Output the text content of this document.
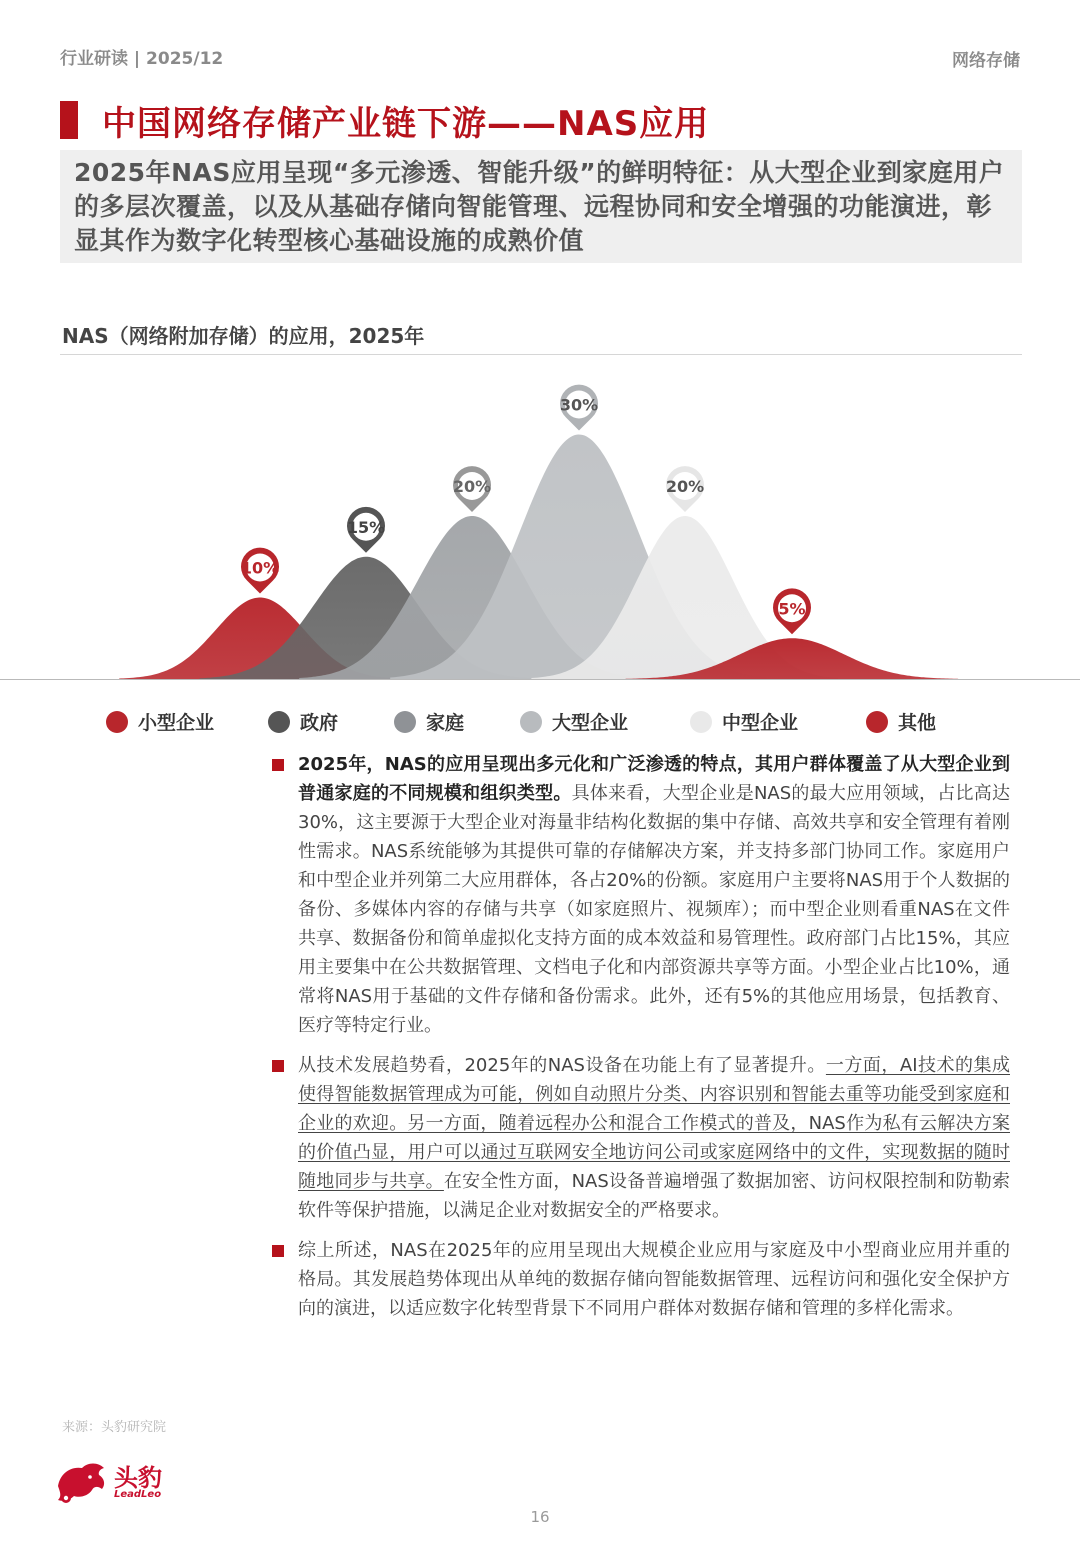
行业研读 | 2025/12	网络存储
中国网络存储产业链下游——NAS应用
2025年NAS应用呈现“多元渗透、智能升级”的鲜明特征：从大型企业到家庭用户的多层次覆盖，以及从基础存储向智能管理、远程协同和安全增强的功能演进，彰显其作为数字化转型核心基础设施的成熟价值
NAS（网络附加存储）的应用，2025年
10%
15%
20%
30%
20%
5%
小型企业	政府	家庭	大型企业	中型企业	其他
2025年，NAS的应用呈现出多元化和广泛渗透的特点，其用户群体覆盖了从大型企业到普通家庭的不同规模和组织类型。具体来看，大型企业是NAS的最大应用领域，占比高达30%，这主要源于大型企业对海量非结构化数据的集中存储、高效共享和安全管理有着刚性需求。NAS系统能够为其提供可靠的存储解决方案，并支持多部门协同工作。家庭用户和中型企业并列第二大应用群体，各占20%的份额。家庭用户主要将NAS用于个人数据的备份、多媒体内容的存储与共享（如家庭照片、视频库）；而中型企业则看重NAS在文件共享、数据备份和简单虚拟化支持方面的成本效益和易管理性。政府部门占比15%，其应用主要集中在公共数据管理、文档电子化和内部资源共享等方面。小型企业占比10%，通常将NAS用于基础的文件存储和备份需求。此外，还有5%的其他应用场景，包括教育、医疗等特定行业。
从技术发展趋势看，2025年的NAS设备在功能上有了显著提升。一方面，AI技术的集成使得智能数据管理成为可能，例如自动照片分类、内容识别和智能去重等功能受到家庭和企业的欢迎。另一方面，随着远程办公和混合工作模式的普及，NAS作为私有云解决方案的价值凸显，用户可以通过互联网安全地访问公司或家庭网络中的文件，实现数据的随时随地同步与共享。在安全性方面，NAS设备普遍增强了数据加密、访问权限控制和防勒索软件等保护措施，以满足企业对数据安全的严格要求。
综上所述，NAS在2025年的应用呈现出大规模企业应用与家庭及中小型商业应用并重的格局。其发展趋势体现出从单纯的数据存储向智能数据管理、远程访问和强化安全保护方向的演进，以适应数字化转型背景下不同用户群体对数据存储和管理的多样化需求。
来源：头豹研究院
头豹
LeadLeo
16
